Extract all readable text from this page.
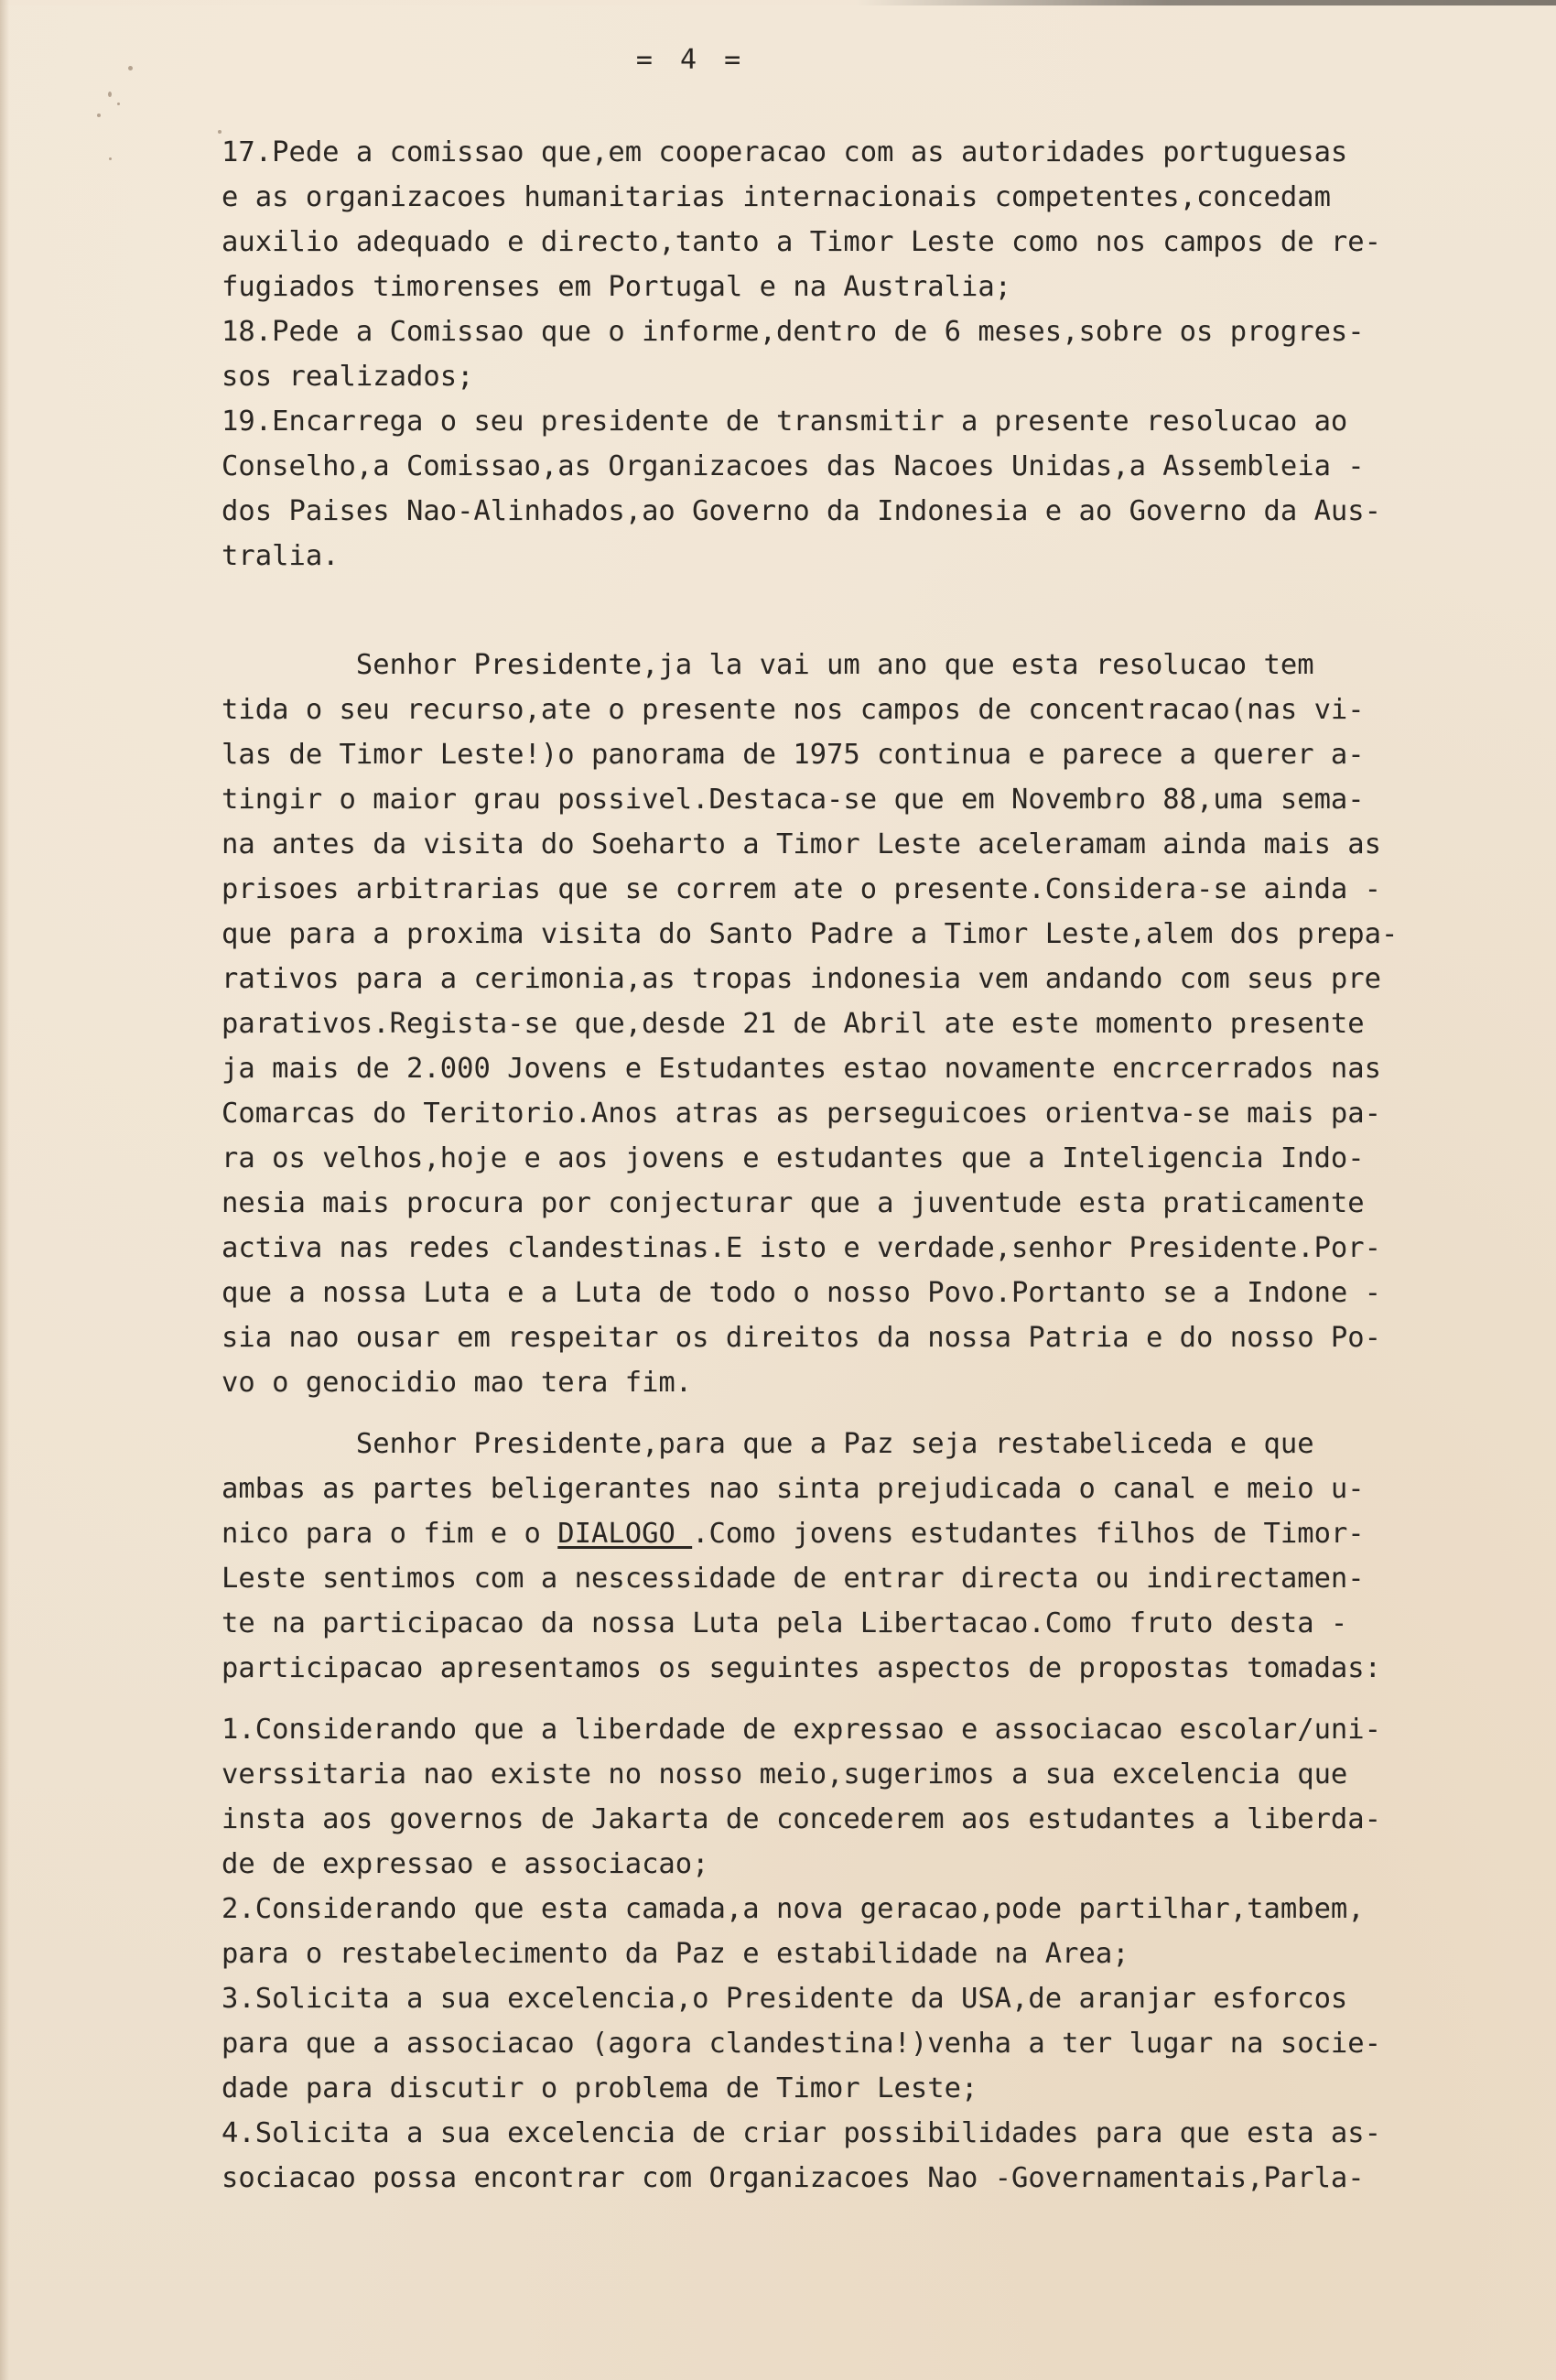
= 4 =
17.Pede a comissao que,em cooperacao com as autoridades portuguesas
e as organizacoes humanitarias internacionais competentes,concedam
auxilio adequado e directo,tanto a Timor Leste como nos campos de re-
fugiados timorenses em Portugal e na Australia;
18.Pede a Comissao que o informe,dentro de 6 meses,sobre os progres-
sos realizados;
19.Encarrega o seu presidente de transmitir a presente resolucao ao
Conselho,a Comissao,as Organizacoes das Nacoes Unidas,a Assembleia -
dos Paises Nao-Alinhados,ao Governo da Indonesia e ao Governo da Aus-
tralia.
Senhor Presidente,ja la vai um ano que esta resolucao tem
tida o seu recurso,ate o presente nos campos de concentracao(nas vi-
las de Timor Leste!)o panorama de 1975 continua e parece a querer a-
tingir o maior grau possivel.Destaca-se que em Novembro 88,uma sema-
na antes da visita do Soeharto a Timor Leste aceleramam ainda mais as
prisoes arbitrarias que se correm ate o presente.Considera-se ainda -
que para a proxima visita do Santo Padre a Timor Leste,alem dos prepa-
rativos para a cerimonia,as tropas indonesia vem andando com seus pre
parativos.Regista-se que,desde 21 de Abril ate este momento presente
ja mais de 2.000 Jovens e Estudantes estao novamente encrcerrados nas
Comarcas do Teritorio.Anos atras as perseguicoes orientva-se mais pa-
ra os velhos,hoje e aos jovens e estudantes que a Inteligencia Indo-
nesia mais procura por conjecturar que a juventude esta praticamente
activa nas redes clandestinas.E isto e verdade,senhor Presidente.Por-
que a nossa Luta e a Luta de todo o nosso Povo.Portanto se a Indone -
sia nao ousar em respeitar os direitos da nossa Patria e do nosso Po-
vo o genocidio mao tera fim.
Senhor Presidente,para que a Paz seja restabeliceda e que
ambas as partes beligerantes nao sinta prejudicada o canal e meio u-
nico para o fim e o DIALOGO .Como jovens estudantes filhos de Timor-
Leste sentimos com a nescessidade de entrar directa ou indirectamen-
te na participacao da nossa Luta pela Libertacao.Como fruto desta -
participacao apresentamos os seguintes aspectos de propostas tomadas:
1.Considerando que a liberdade de expressao e associacao escolar/uni-
verssitaria nao existe no nosso meio,sugerimos a sua excelencia que
insta aos governos de Jakarta de concederem aos estudantes a liberda-
de de expressao e associacao;
2.Considerando que esta camada,a nova geracao,pode partilhar,tambem,
para o restabelecimento da Paz e estabilidade na Area;
3.Solicita a sua excelencia,o Presidente da USA,de aranjar esforcos
para que a associacao (agora clandestina!)venha a ter lugar na socie-
dade para discutir o problema de Timor Leste;
4.Solicita a sua excelencia de criar possibilidades para que esta as-
sociacao possa encontrar com Organizacoes Nao -Governamentais,Parla-
